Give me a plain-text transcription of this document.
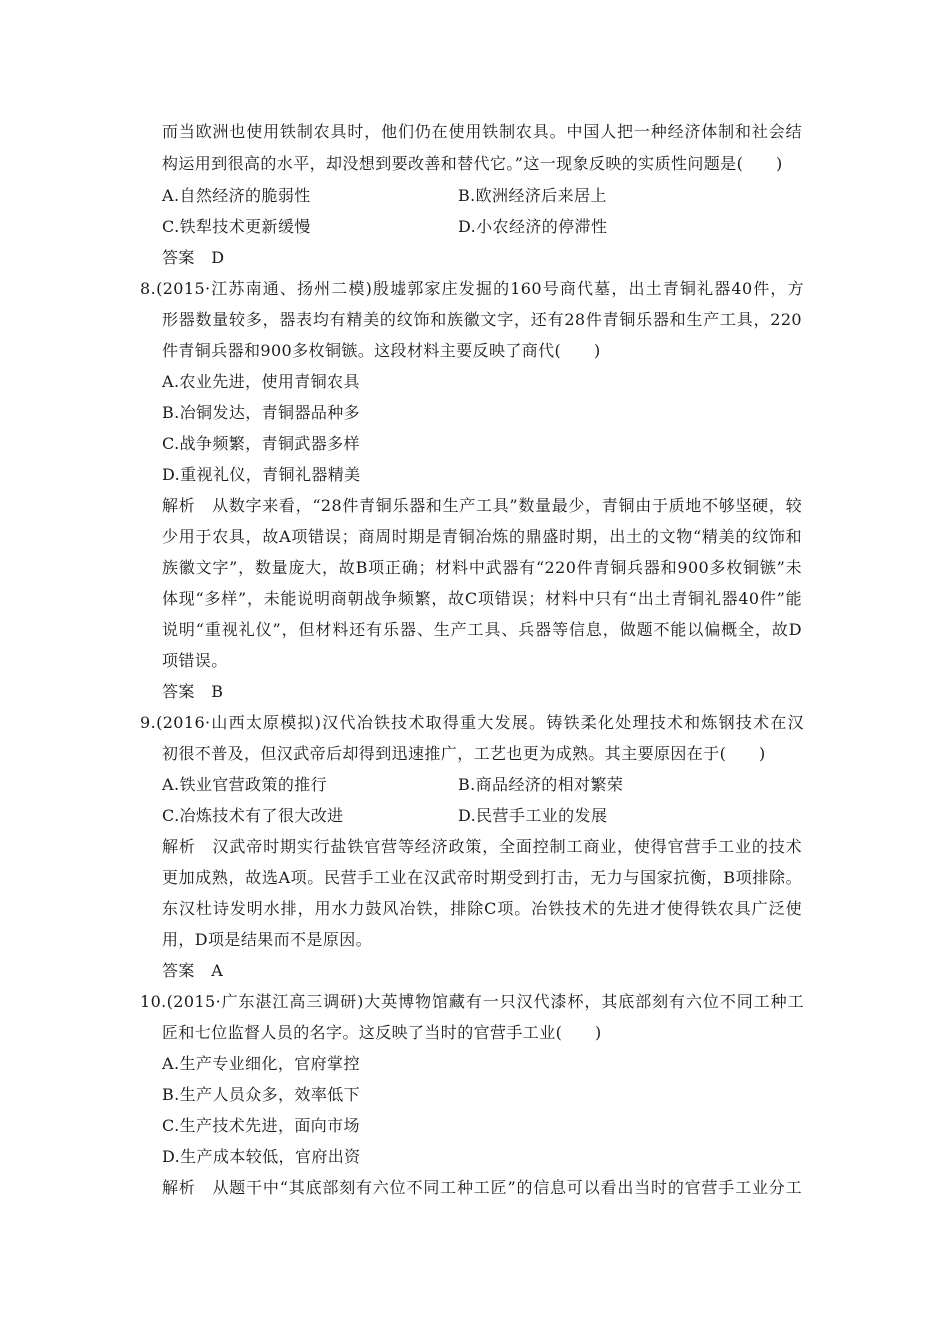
而当欧洲也使用铁制农具时，他们仍在使用铁制农具。中国人把一种经济体制和社会结
构运用到很高的水平，却没想到要改善和替代它。”这一现象反映的实质性问题是(　　)
A.自然经济的脆弱性	B.欧洲经济后来居上
C.铁犁技术更新缓慢	D.小农经济的停滞性
答案　D
8.(2015·江苏南通、扬州二模)殷墟郭家庄发掘的160号商代墓，出土青铜礼器40件，方
形器数量较多，器表均有精美的纹饰和族徽文字，还有28件青铜乐器和生产工具，220
件青铜兵器和900多枚铜镞。这段材料主要反映了商代(　　)
A.农业先进，使用青铜农具
B.冶铜发达，青铜器品种多
C.战争频繁，青铜武器多样
D.重视礼仪，青铜礼器精美
解析　从数字来看，“28件青铜乐器和生产工具”数量最少，青铜由于质地不够坚硬，较
少用于农具，故A项错误；商周时期是青铜冶炼的鼎盛时期，出土的文物“精美的纹饰和
族徽文字”，数量庞大，故B项正确；材料中武器有“220件青铜兵器和900多枚铜镞”未
体现“多样”，未能说明商朝战争频繁，故C项错误；材料中只有“出土青铜礼器40件”能
说明“重视礼仪”，但材料还有乐器、生产工具、兵器等信息，做题不能以偏概全，故D
项错误。
答案　B
9.(2016·山西太原模拟)汉代冶铁技术取得重大发展。铸铁柔化处理技术和炼钢技术在汉
初很不普及，但汉武帝后却得到迅速推广，工艺也更为成熟。其主要原因在于(　　)
A.铁业官营政策的推行	B.商品经济的相对繁荣
C.冶炼技术有了很大改进	D.民营手工业的发展
解析　汉武帝时期实行盐铁官营等经济政策，全面控制工商业，使得官营手工业的技术
更加成熟，故选A项。民营手工业在汉武帝时期受到打击，无力与国家抗衡，B项排除。
东汉杜诗发明水排，用水力鼓风冶铁，排除C项。冶铁技术的先进才使得铁农具广泛使
用，D项是结果而不是原因。
答案　A
10.(2015·广东湛江高三调研)大英博物馆藏有一只汉代漆杯，其底部刻有六位不同工种工
匠和七位监督人员的名字。这反映了当时的官营手工业(　　)
A.生产专业细化，官府掌控
B.生产人员众多，效率低下
C.生产技术先进，面向市场
D.生产成本较低，官府出资
解析　从题干中“其底部刻有六位不同工种工匠”的信息可以看出当时的官营手工业分工
